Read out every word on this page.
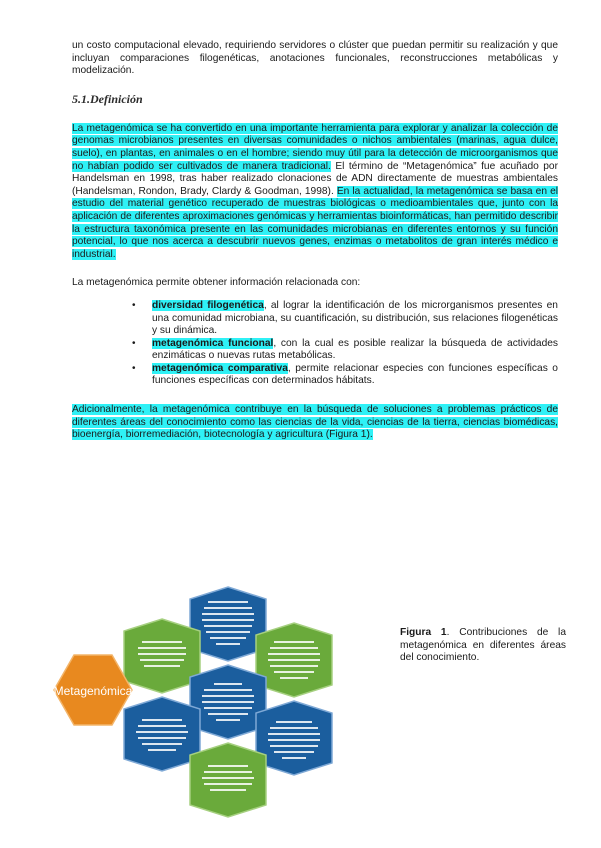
un costo computacional elevado, requiriendo servidores o clúster que puedan permitir su realización y que incluyan comparaciones filogenéticas, anotaciones funcionales, reconstrucciones metabólicas y modelización.

5.1.Definición

La metagenómica se ha convertido en una importante herramienta para explorar y analizar la colección de genomas microbianos presentes en diversas comunidades o nichos ambientales (marinas, agua dulce, suelo), en plantas, en animales o en el hombre; siendo muy útil para la detección de microorganismos que no habían podido ser cultivados de manera tradicional. El término de “Metagenómica” fue acuñado por Handelsman en 1998, tras haber realizado clonaciones de ADN directamente de muestras ambientales (Handelsman, Rondon, Brady, Clardy & Goodman, 1998). En la actualidad, la metagenómica se basa en el estudio del material genético recuperado de muestras biológicas o medioambientales que, junto con la aplicación de diferentes aproximaciones genómicas y herramientas bioinformáticas, han permitido describir la estructura taxonómica presente en las comunidades microbianas en diferentes entornos y su función potencial, lo que nos acerca a descubrir nuevos genes, enzimas o metabolitos de gran interés médico e industrial.

La metagenómica permite obtener información relacionada con:

• diversidad filogenética, al lograr la identificación de los microrganismos presentes en una comunidad microbiana, su cuantificación, su distribución, sus relaciones filogenéticas y su dinámica.
• metagenómica funcional, con la cual es posible realizar la búsqueda de actividades enzimáticas o nuevas rutas metabólicas.
• metagenómica comparativa, permite relacionar especies con funciones específicas o funciones específicas con determinados hábitats.

Adicionalmente, la metagenómica contribuye en la búsqueda de soluciones a problemas prácticos de diferentes áreas del conocimiento como las ciencias de la vida, ciencias de la tierra, ciencias biomédicas, bioenergía, biorremediación, biotecnología y agricultura (Figura 1).

Metagenómica
Figura 1. Contribuciones de la metagenómica en diferentes áreas del conocimiento.
